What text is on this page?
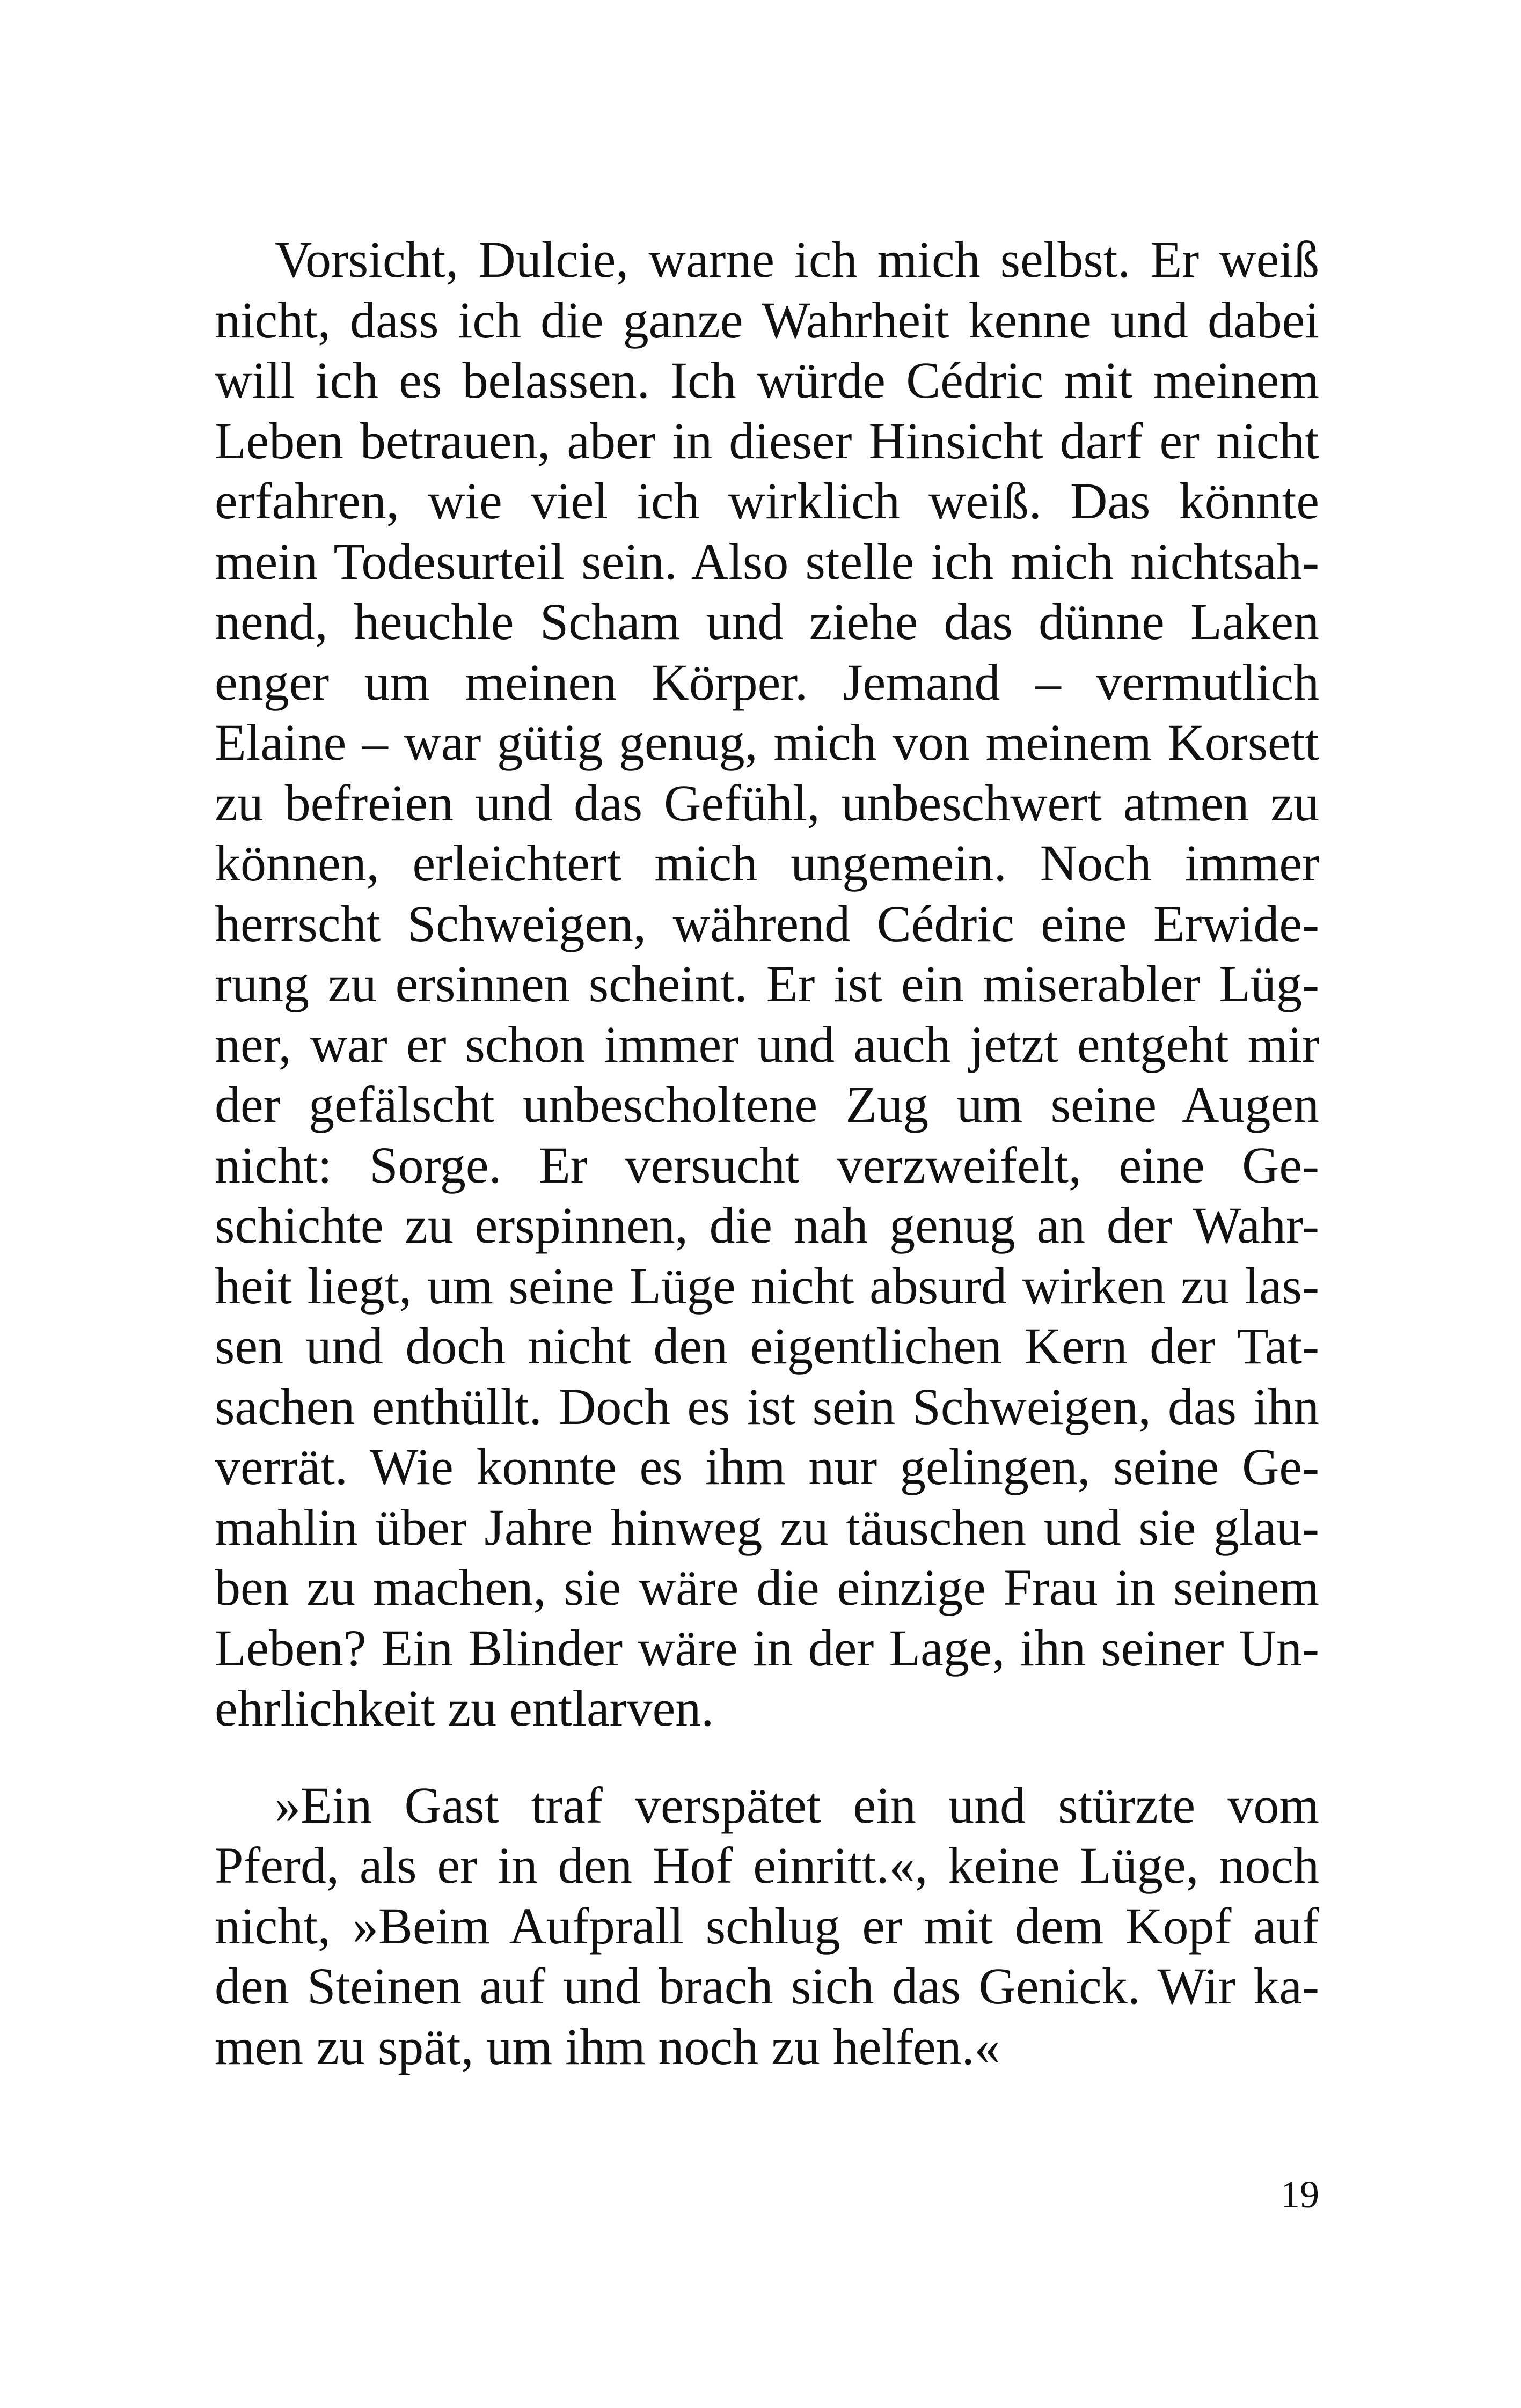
Vorsicht, Dulcie, warne ich mich selbst. Er weiß
nicht, dass ich die ganze Wahrheit kenne und dabei
will ich es belassen. Ich würde Cédric mit meinem
Leben betrauen, aber in dieser Hinsicht darf er nicht
erfahren, wie viel ich wirklich weiß. Das könnte
mein Todesurteil sein. Also stelle ich mich nichtsah-
nend, heuchle Scham und ziehe das dünne Laken
enger um meinen Körper. Jemand – vermutlich
Elaine – war gütig genug, mich von meinem Korsett
zu befreien und das Gefühl, unbeschwert atmen zu
können, erleichtert mich ungemein. Noch immer
herrscht Schweigen, während Cédric eine Erwide-
rung zu ersinnen scheint. Er ist ein miserabler Lüg-
ner, war er schon immer und auch jetzt entgeht mir
der gefälscht unbescholtene Zug um seine Augen
nicht: Sorge. Er versucht verzweifelt, eine Ge-
schichte zu erspinnen, die nah genug an der Wahr-
heit liegt, um seine Lüge nicht absurd wirken zu las-
sen und doch nicht den eigentlichen Kern der Tat-
sachen enthüllt. Doch es ist sein Schweigen, das ihn
verrät. Wie konnte es ihm nur gelingen, seine Ge-
mahlin über Jahre hinweg zu täuschen und sie glau-
ben zu machen, sie wäre die einzige Frau in seinem
Leben? Ein Blinder wäre in der Lage, ihn seiner Un-
ehrlichkeit zu entlarven.
»Ein Gast traf verspätet ein und stürzte vom
Pferd, als er in den Hof einritt.«, keine Lüge, noch
nicht, »Beim Aufprall schlug er mit dem Kopf auf
den Steinen auf und brach sich das Genick. Wir ka-
men zu spät, um ihm noch zu helfen.«
19
